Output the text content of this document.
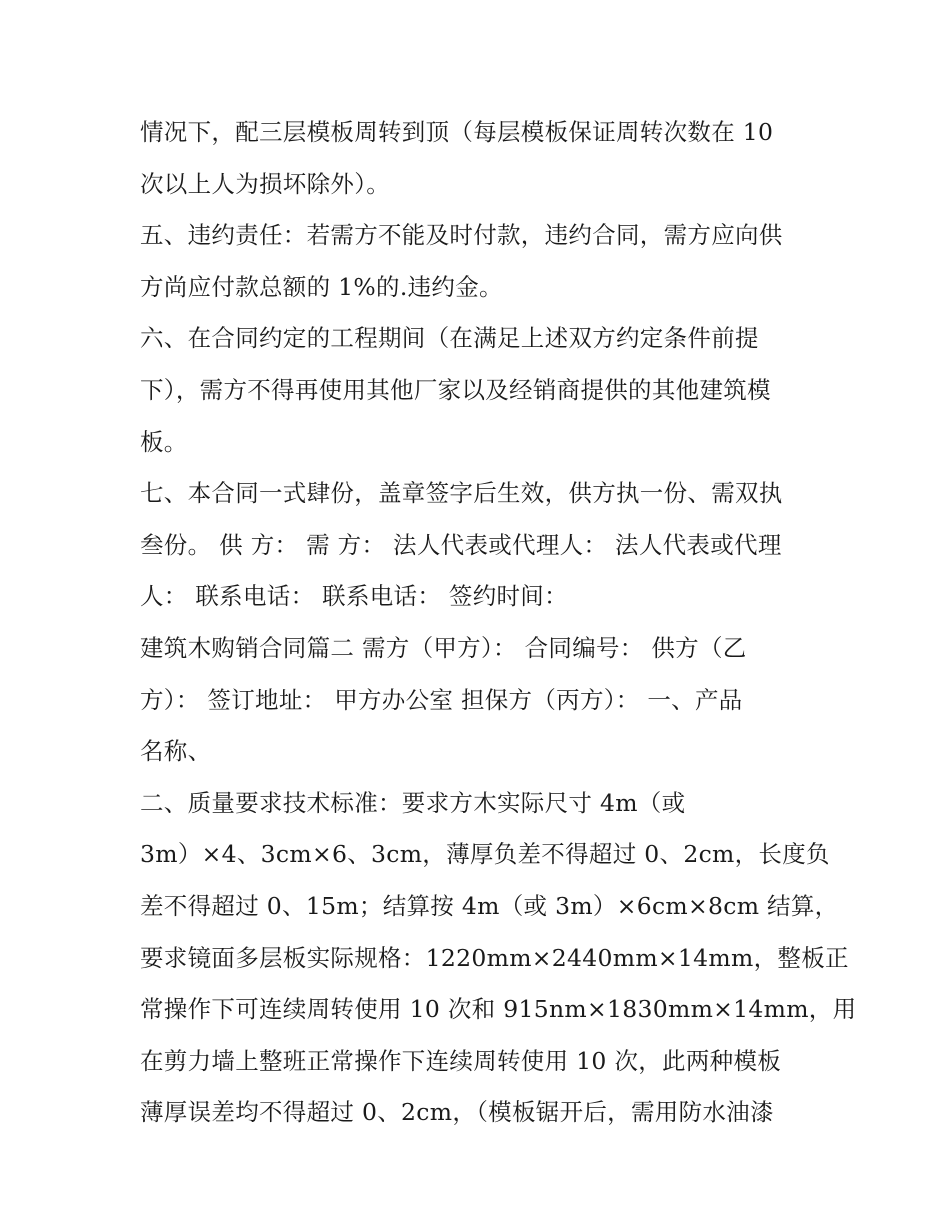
情况下，配三层模板周转到顶（每层模板保证周转次数在 10
次以上人为损坏除外）。
五、违约责任：若需方不能及时付款，违约合同，需方应向供
方尚应付款总额的 1%的.违约金。
六、在合同约定的工程期间（在满足上述双方约定条件前提
下），需方不得再使用其他厂家以及经销商提供的其他建筑模
板。
七、本合同一式肆份，盖章签字后生效，供方执一份、需双执
叁份。 供 方： 需 方： 法人代表或代理人： 法人代表或代理
人： 联系电话： 联系电话： 签约时间：
建筑木购销合同篇二 需方（甲方）： 合同编号： 供方（乙
方）： 签订地址： 甲方办公室 担保方（丙方）： 一、产品
名称、
二、质量要求技术标准：要求方木实际尺寸 4m（或
3m）×4、3cm×6、3cm，薄厚负差不得超过 0、2cm，长度负
差不得超过 0、15m；结算按 4m（或 3m）×6cm×8cm 结算，
要求镜面多层板实际规格：1220mm×2440mm×14mm，整板正
常操作下可连续周转使用 10 次和 915nm×1830mm×14mm，用
在剪力墙上整班正常操作下连续周转使用 10 次，此两种模板
薄厚误差均不得超过 0、2cm，（模板锯开后，需用防水油漆
